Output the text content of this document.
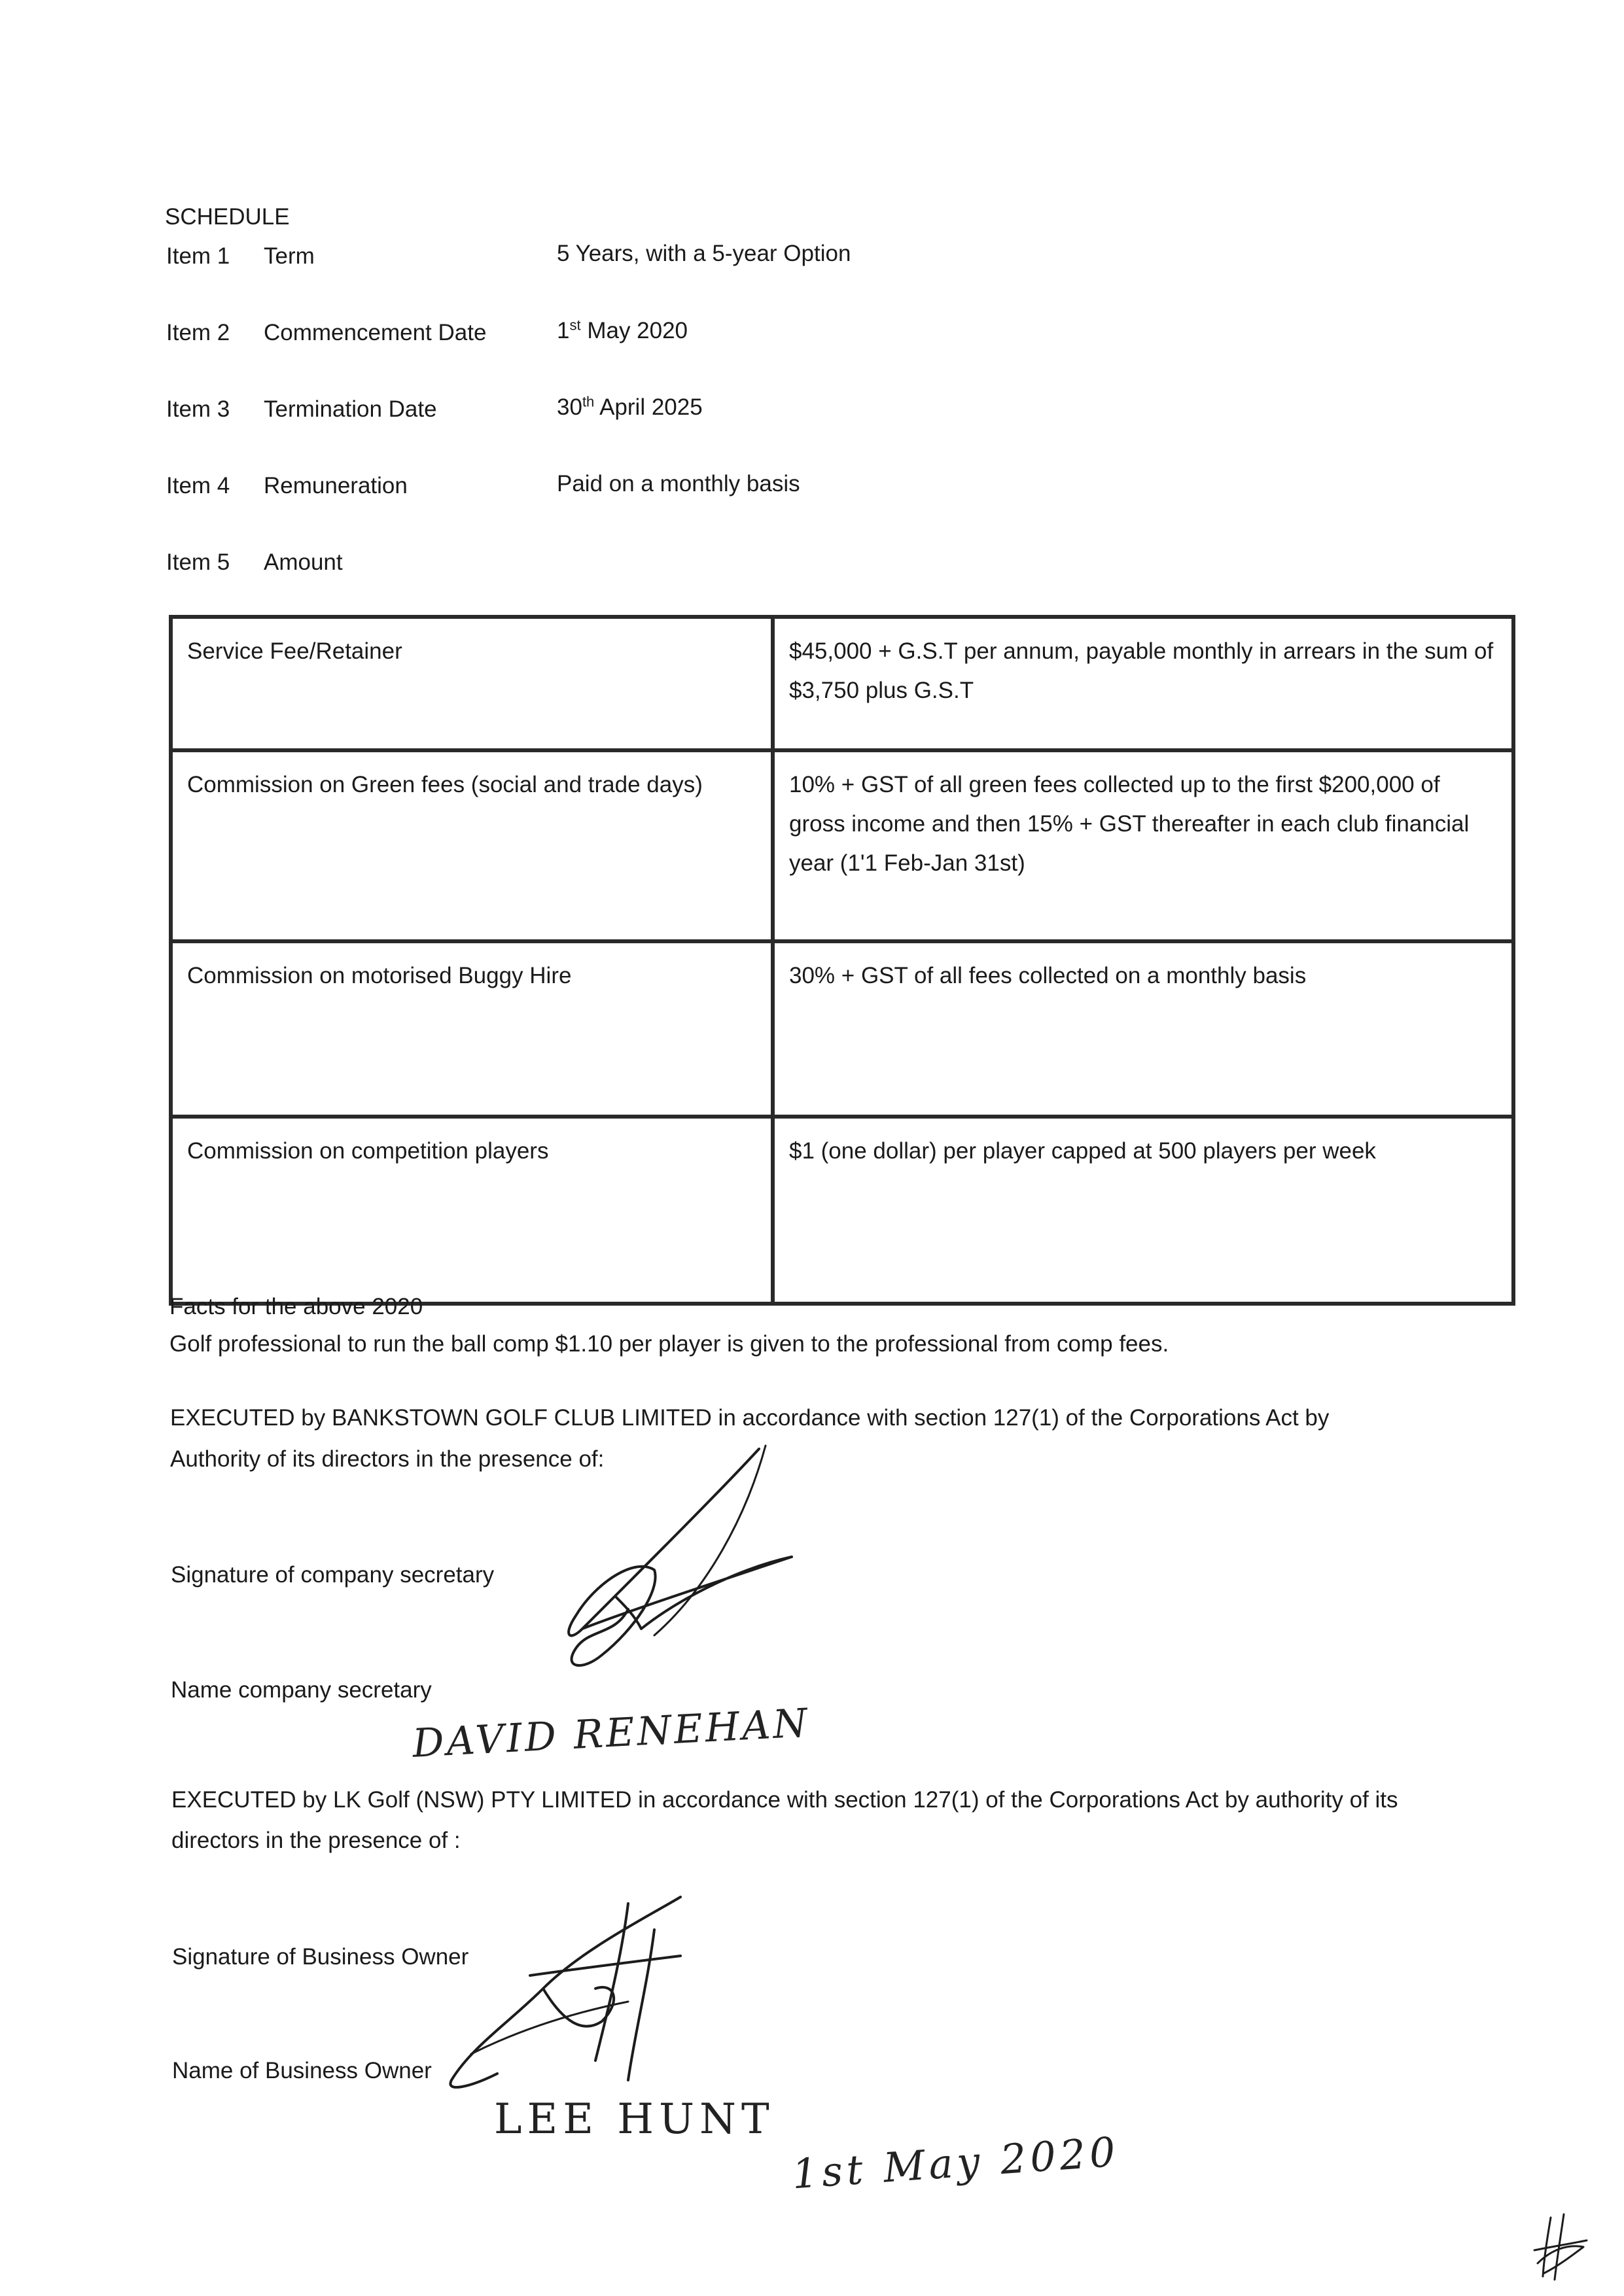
SCHEDULE
Item 1 Term	5 Years, with a 5-year Option
Item 2 Commencement Date	1st May 2020
Item 3 Termination Date	30th April 2025
Item 4 Remuneration	Paid on a monthly basis
Item 5 Amount
Service Fee/Retainer	$45,000 + G.S.T per annum, payable monthly in arrears in the sum of $3,750 plus G.S.T
Commission on Green fees (social and trade days)	10% + GST of all green fees collected up to the first $200,000 of gross income and then 15% + GST thereafter in each club financial year (1'1 Feb-Jan 31st)
Commission on motorised Buggy Hire	30% + GST of all fees collected on a monthly basis
Commission on competition players	$1 (one dollar) per player capped at 500 players per week
Facts for the above 2020
Golf professional to run the ball comp $1.10 per player is given to the professional from comp fees.
EXECUTED by BANKSTOWN GOLF CLUB LIMITED in accordance with section 127(1) of the Corporations Act by
Authority of its directors in the presence of:
Signature of company secretary
Name company secretary
DAVID RENEHAN
EXECUTED by LK Golf (NSW) PTY LIMITED in accordance with section 127(1) of the Corporations Act by authority of its
directors in the presence of :
Signature of Business Owner
Name of Business Owner
LEE HUNT
1st May 2020
